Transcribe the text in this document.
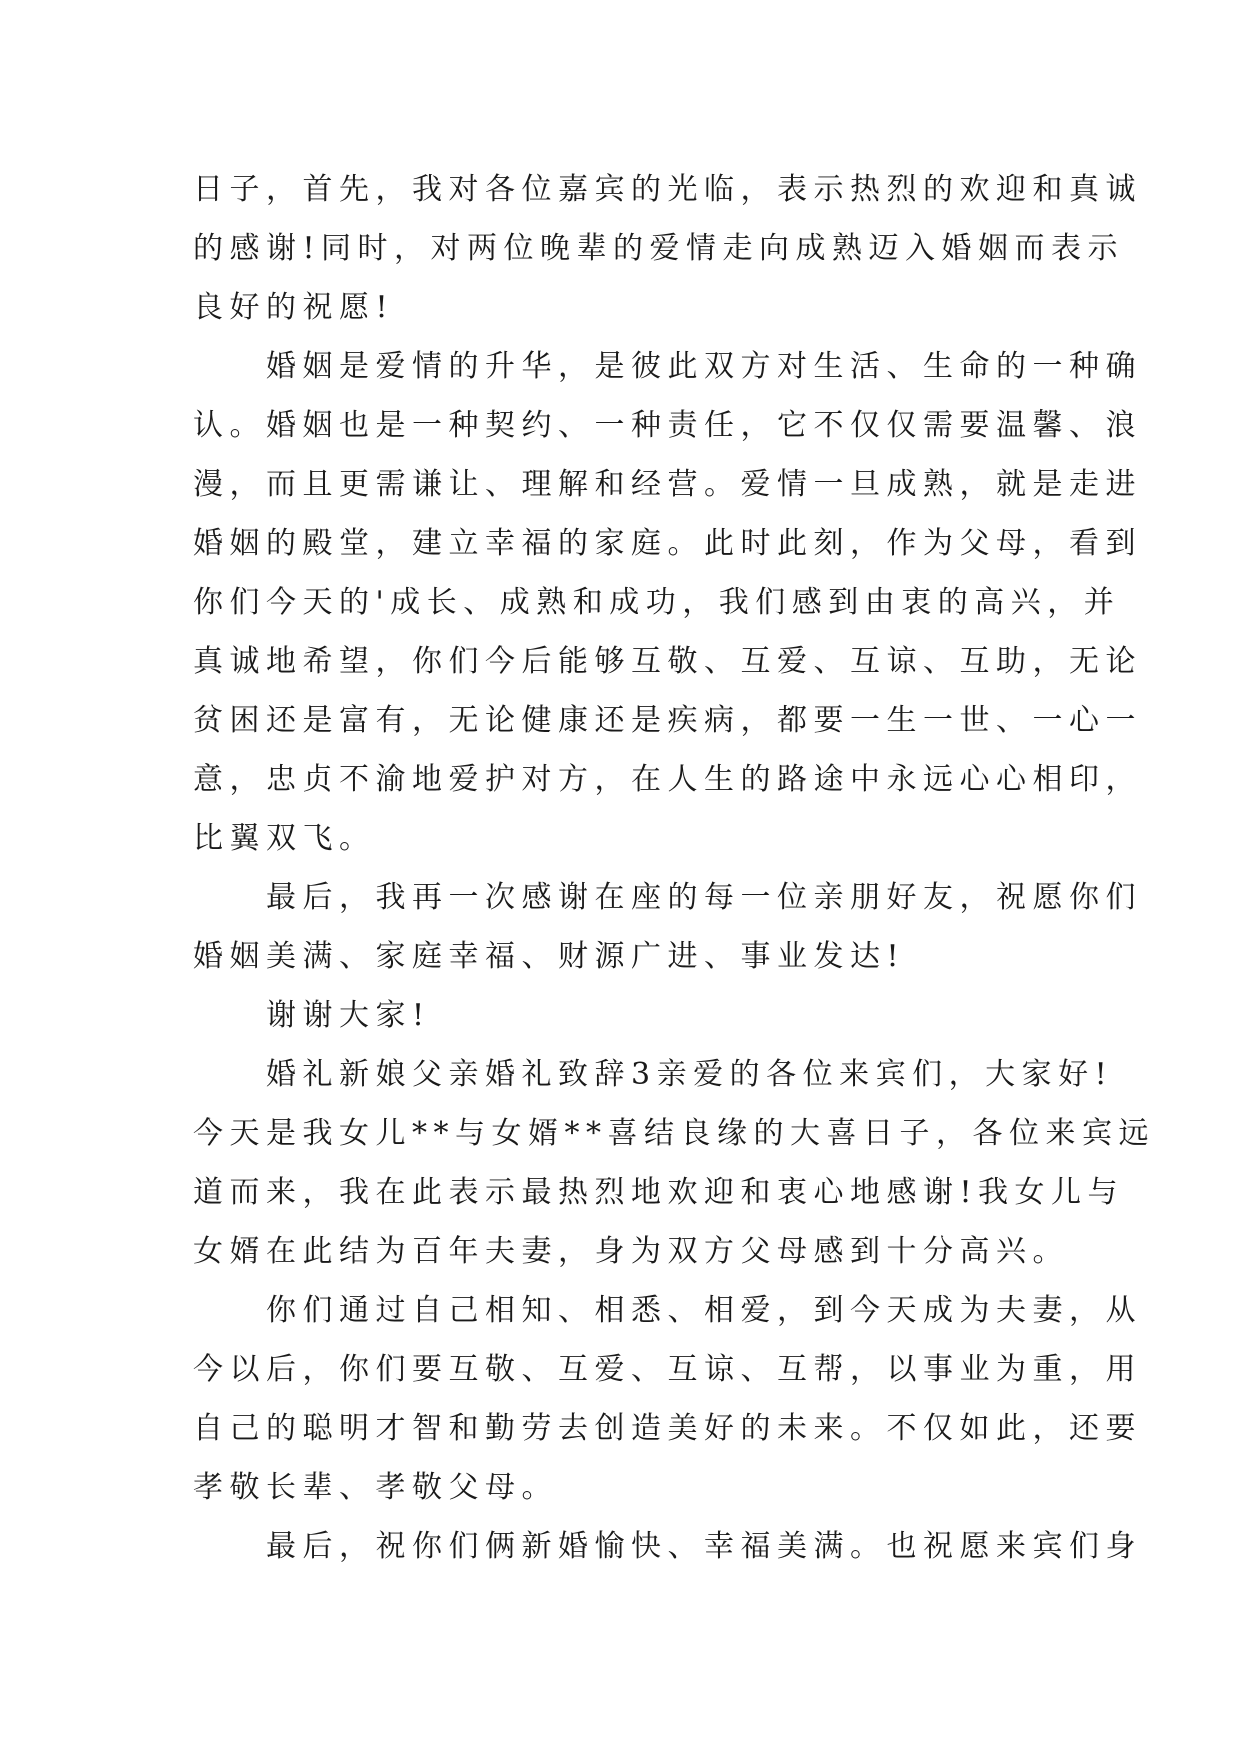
日子，首先，我对各位嘉宾的光临，表示热烈的欢迎和真诚
的感谢!同时，对两位晚辈的爱情走向成熟迈入婚姻而表示
良好的祝愿!
　　婚姻是爱情的升华，是彼此双方对生活、生命的一种确
认。婚姻也是一种契约、一种责任，它不仅仅需要温馨、浪
漫，而且更需谦让、理解和经营。爱情一旦成熟，就是走进
婚姻的殿堂，建立幸福的家庭。此时此刻，作为父母，看到
你们今天的'成长、成熟和成功，我们感到由衷的高兴，并
真诚地希望，你们今后能够互敬、互爱、互谅、互助，无论
贫困还是富有，无论健康还是疾病，都要一生一世、一心一
意，忠贞不渝地爱护对方，在人生的路途中永远心心相印，
比翼双飞。
　　最后，我再一次感谢在座的每一位亲朋好友，祝愿你们
婚姻美满、家庭幸福、财源广进、事业发达!
　　谢谢大家!
　　婚礼新娘父亲婚礼致辞3亲爱的各位来宾们，大家好!
今天是我女儿**与女婿**喜结良缘的大喜日子，各位来宾远
道而来，我在此表示最热烈地欢迎和衷心地感谢!我女儿与
女婿在此结为百年夫妻，身为双方父母感到十分高兴。
　　你们通过自己相知、相悉、相爱，到今天成为夫妻，从
今以后，你们要互敬、互爱、互谅、互帮，以事业为重，用
自己的聪明才智和勤劳去创造美好的未来。不仅如此，还要
孝敬长辈、孝敬父母。
　　最后，祝你们俩新婚愉快、幸福美满。也祝愿来宾们身
